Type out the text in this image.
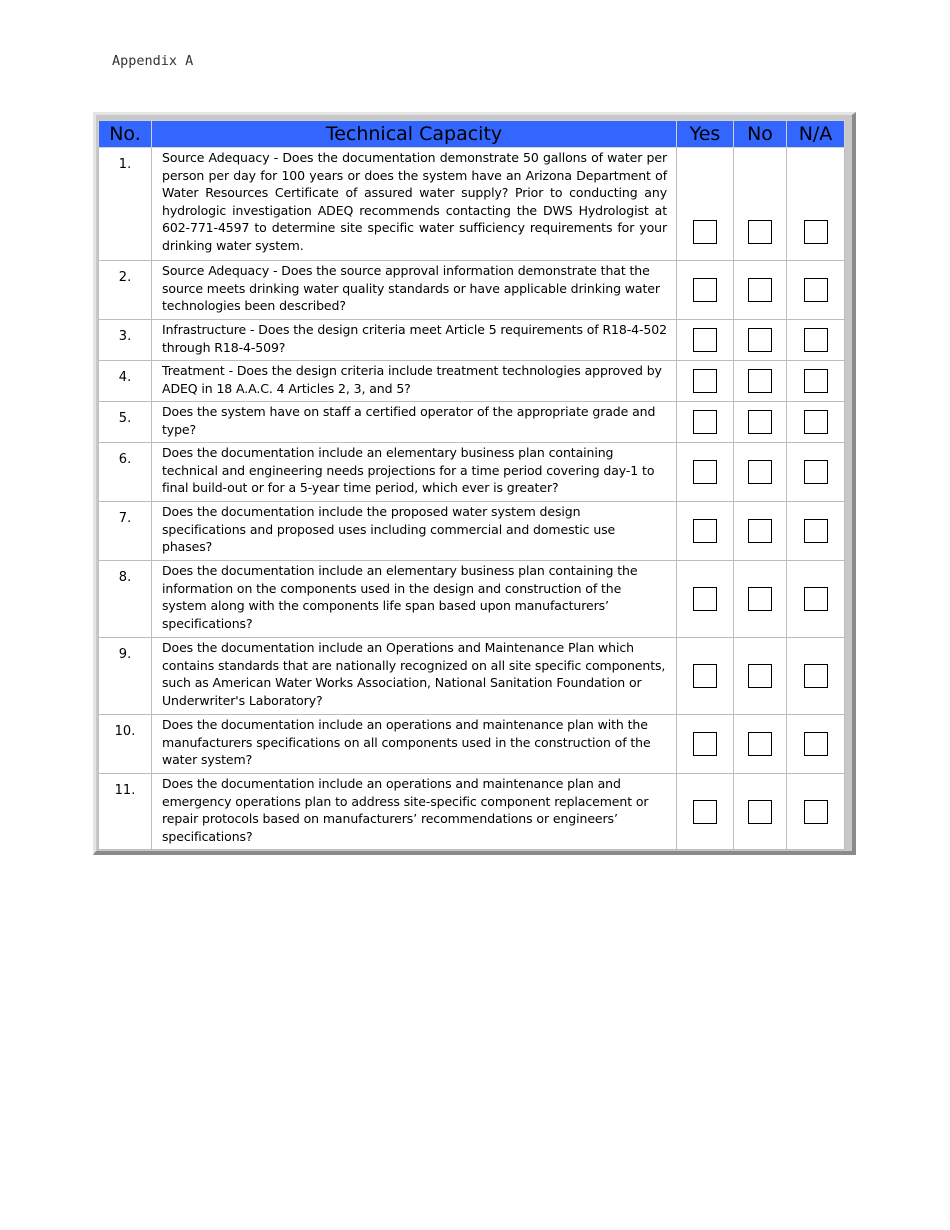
Appendix A
No.	Technical Capacity	Yes	No	N/A
1.	Source Adequacy - Does the documentation demonstrate 50 gallons of water per person per day for 100 years or does the system have an Arizona Department of Water Resources Certificate of assured water supply? Prior to conducting any hydrologic investigation ADEQ recommends contacting the DWS Hydrologist at 602-771-4597 to determine site specific water sufficiency requirements for your drinking water system.			
2.	Source Adequacy - Does the source approval information demonstrate that the source meets drinking water quality standards or have applicable drinking water technologies been described?			
3.	Infrastructure - Does the design criteria meet Article 5 requirements of R18-4-502 through R18-4-509?			
4.	Treatment - Does the design criteria include treatment technologies approved by ADEQ in 18 A.A.C. 4 Articles 2, 3, and 5?			
5.	Does the system have on staff a certified operator of the appropriate grade and type?			
6.	Does the documentation include an elementary business plan containing technical and engineering needs projections for a time period covering day-1 to final build-out or for a 5-year time period, which ever is greater?			
7.	Does the documentation include the proposed water system design specifications and proposed uses including commercial and domestic use phases?			
8.	Does the documentation include an elementary business plan containing the information on the components used in the design and construction of the system along with the components life span based upon manufacturers’ specifications?			
9.	Does the documentation include an Operations and Maintenance Plan which contains standards that are nationally recognized on all site specific components, such as American Water Works Association, National Sanitation Foundation or Underwriter's Laboratory?			
10.	Does the documentation include an operations and maintenance plan with the manufacturers specifications on all components used in the construction of the water system?			
11.	Does the documentation include an operations and maintenance plan and emergency operations plan to address site-specific component replacement or repair protocols based on manufacturers’ recommendations or engineers’ specifications?			
